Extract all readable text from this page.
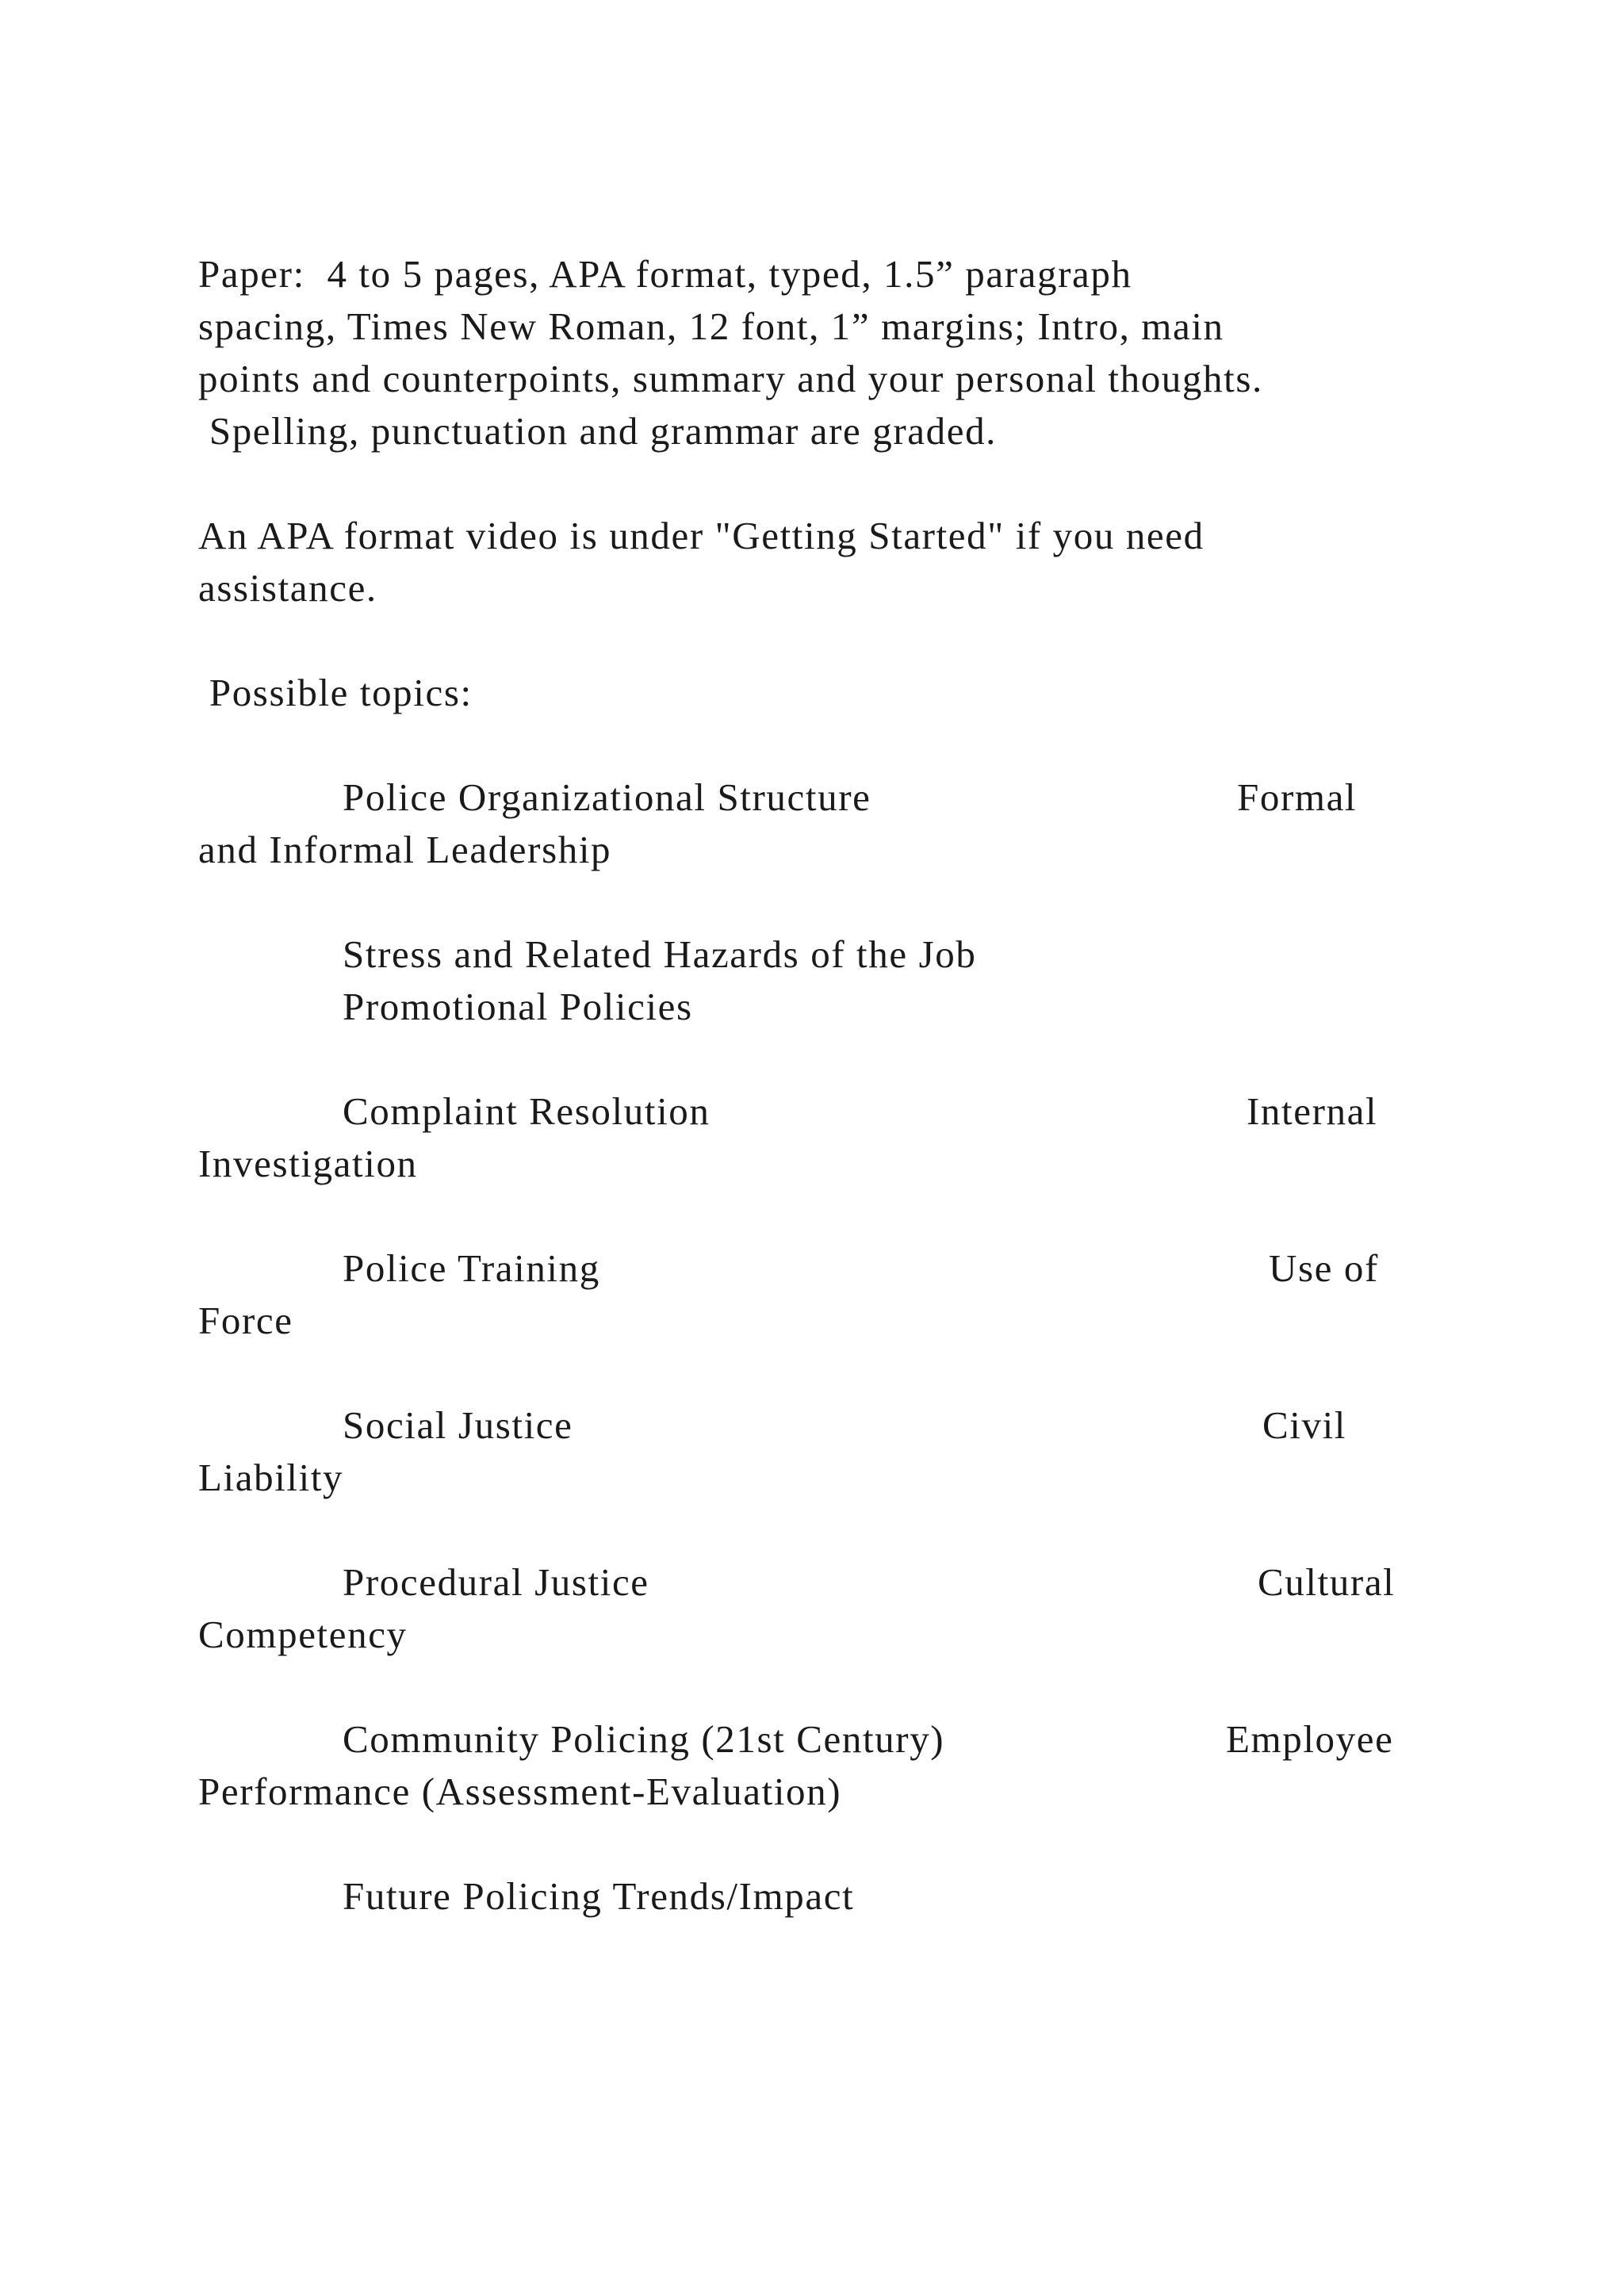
Paper:  4 to 5 pages, APA format, typed, 1.5” paragraph
spacing, Times New Roman, 12 font, 1” margins; Intro, main
points and counterpoints, summary and your personal thoughts.
Spelling, punctuation and grammar are graded.
An APA format video is under "Getting Started" if you need
assistance.
Possible topics:
Police Organizational Structure	Formal
and Informal Leadership
Stress and Related Hazards of the Job
Promotional Policies
Complaint Resolution	Internal
Investigation
Police Training	Use of
Force
Social Justice	Civil
Liability
Procedural Justice	Cultural
Competency
Community Policing (21st Century)	Employee
Performance (Assessment-Evaluation)
Future Policing Trends/Impact
